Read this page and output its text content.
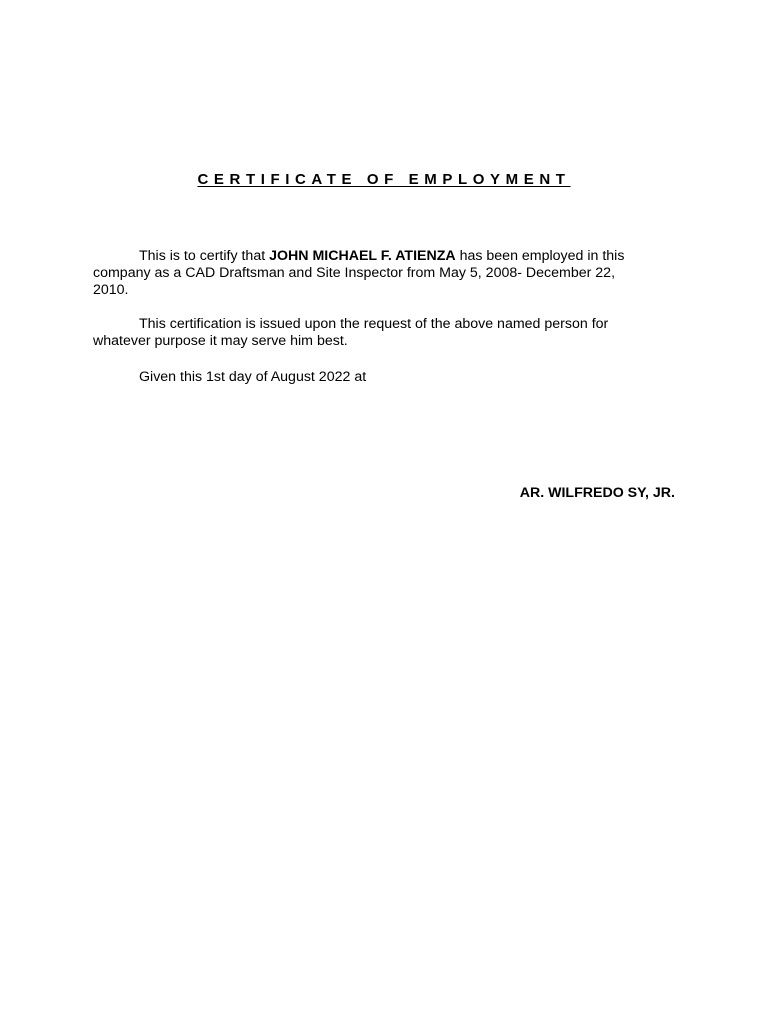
CERTIFICATE OF EMPLOYMENT
This is to certify that JOHN MICHAEL F. ATIENZA has been employed in this
company as a CAD Draftsman and Site Inspector from May 5, 2008- December 22,
2010.
This certification is issued upon the request of the above named person for
whatever purpose it may serve him best.
Given this 1st day of August 2022 at
AR. WILFREDO SY, JR.
